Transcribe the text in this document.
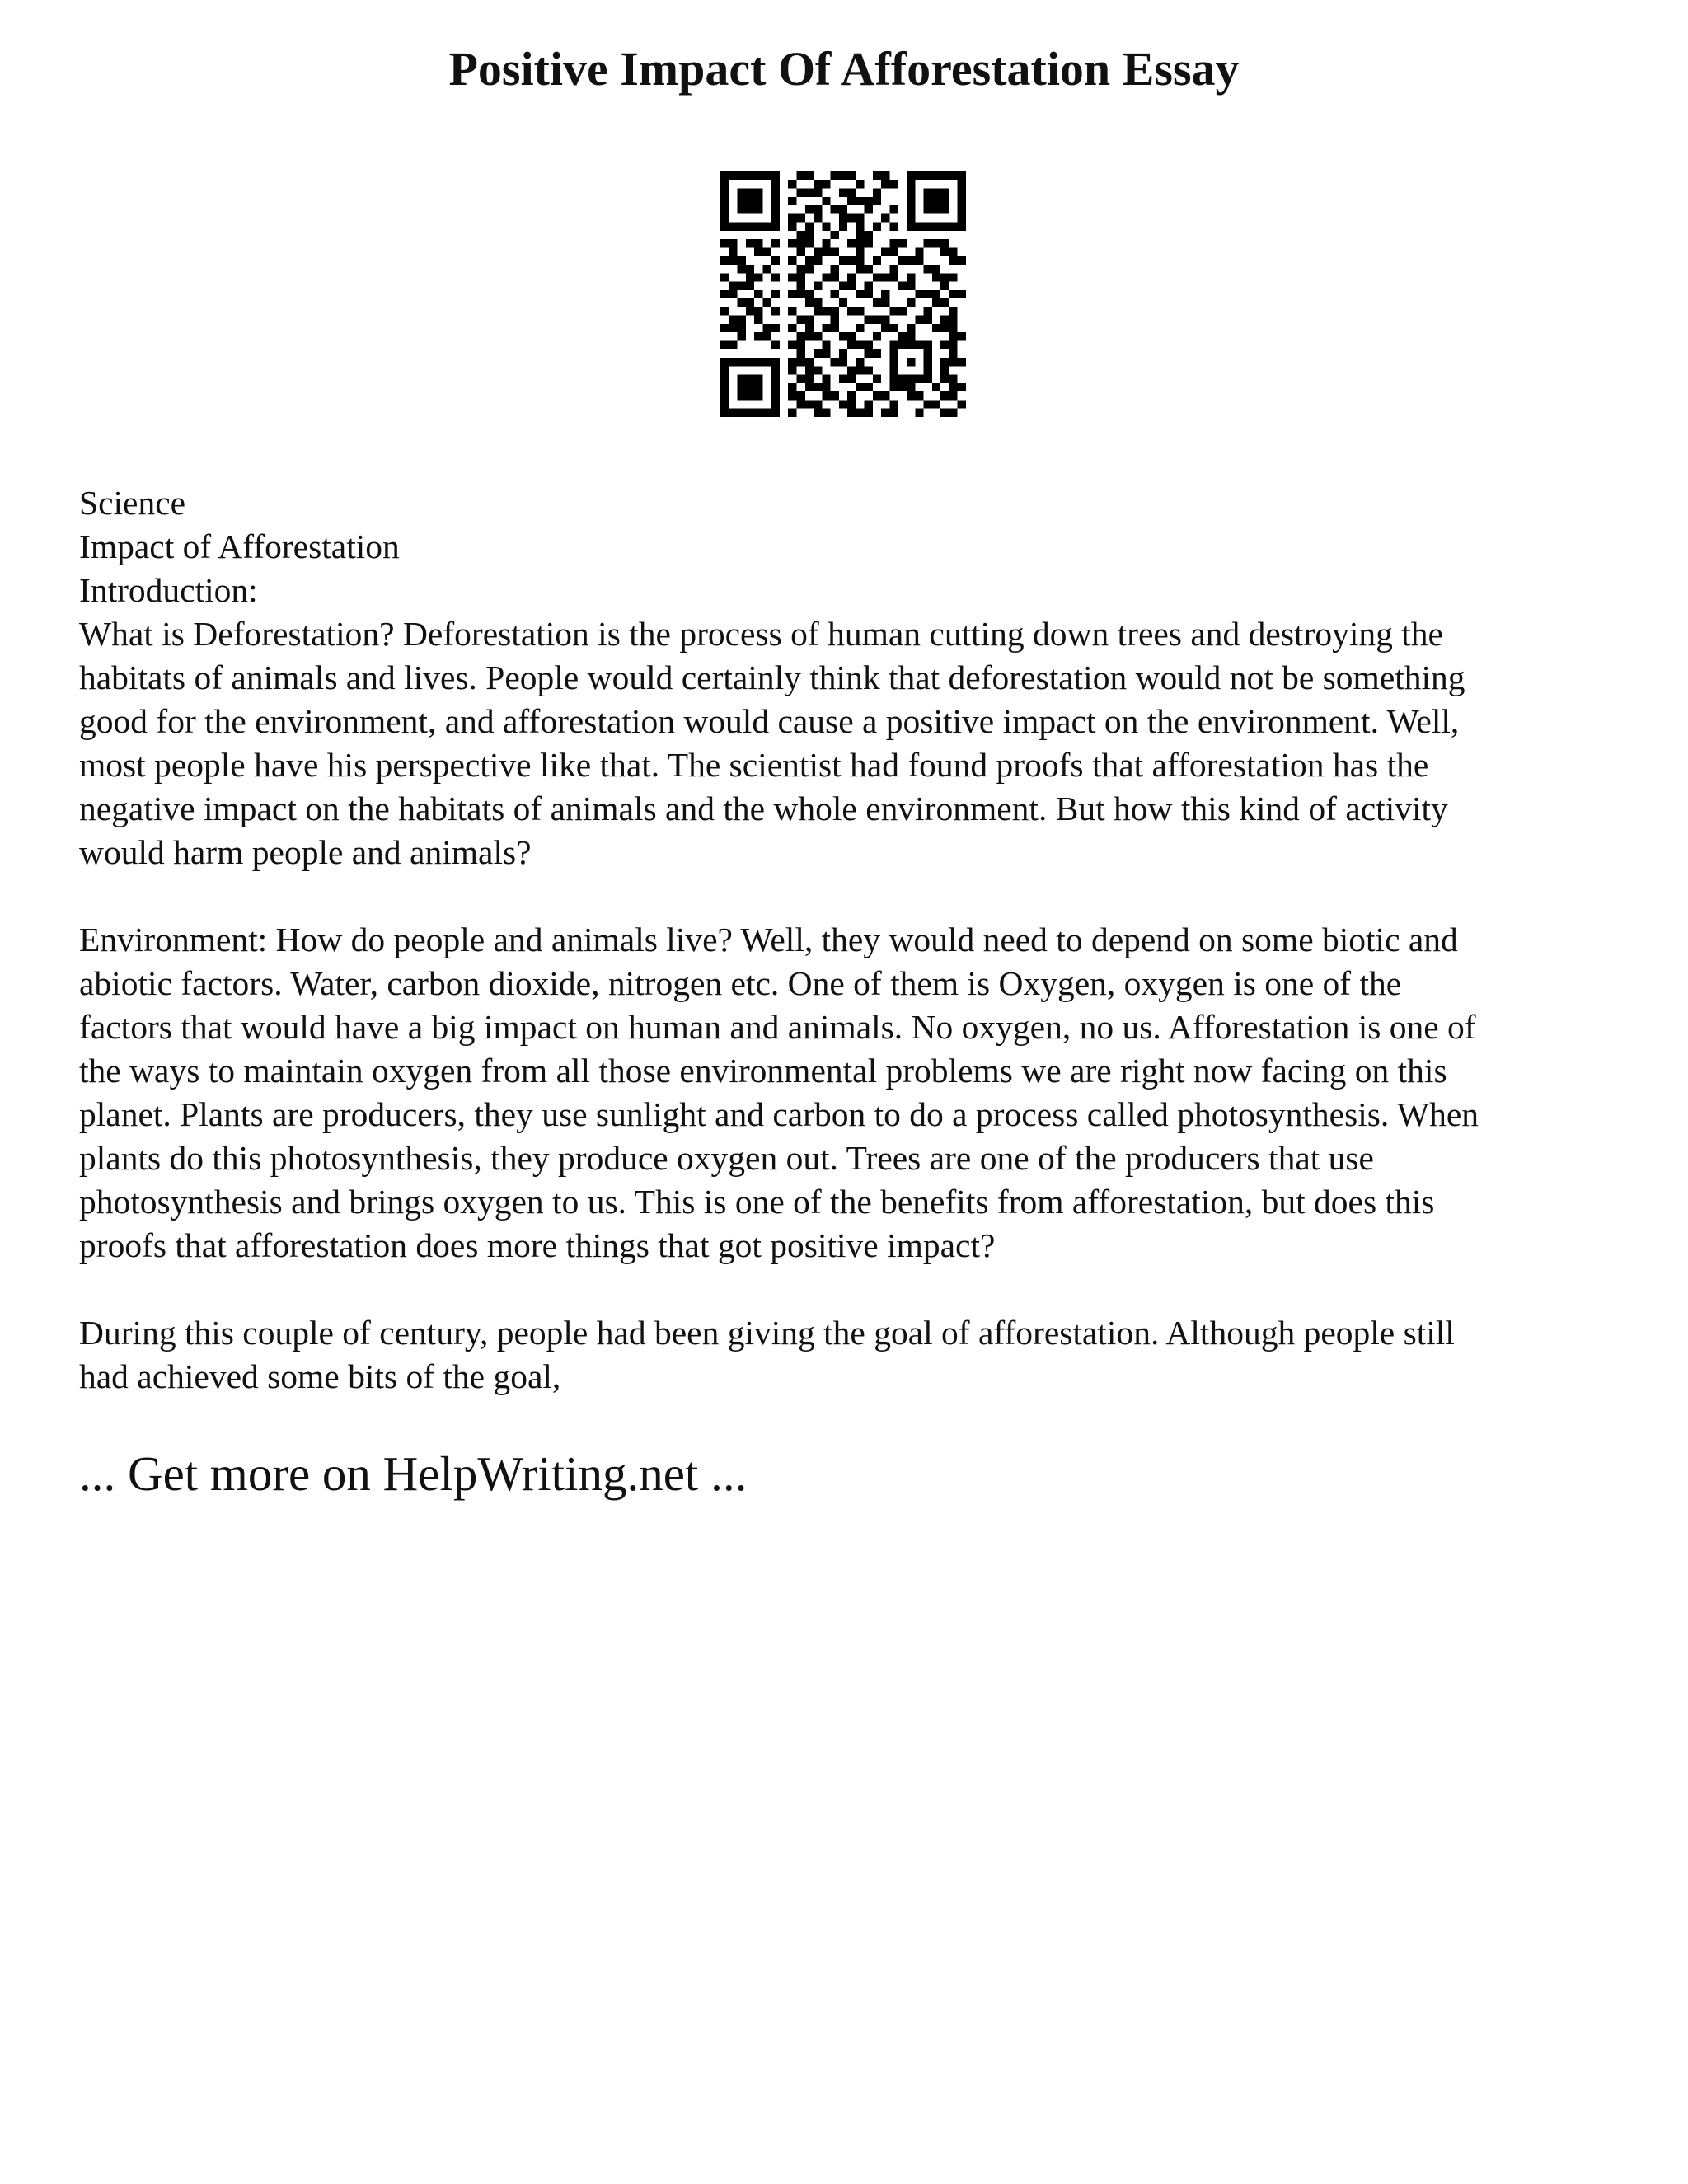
Positive Impact Of Afforestation Essay
Science
Impact of Afforestation
Introduction:
What is Deforestation? Deforestation is the process of human cutting down trees and destroying the
habitats of animals and lives. People would certainly think that deforestation would not be something
good for the environment, and afforestation would cause a positive impact on the environment. Well,
most people have his perspective like that. The scientist had found proofs that afforestation has the
negative impact on the habitats of animals and the whole environment. But how this kind of activity
would harm people and animals?
Environment: How do people and animals live? Well, they would need to depend on some biotic and
abiotic factors. Water, carbon dioxide, nitrogen etc. One of them is Oxygen, oxygen is one of the
factors that would have a big impact on human and animals. No oxygen, no us. Afforestation is one of
the ways to maintain oxygen from all those environmental problems we are right now facing on this
planet. Plants are producers, they use sunlight and carbon to do a process called photosynthesis. When
plants do this photosynthesis, they produce oxygen out. Trees are one of the producers that use
photosynthesis and brings oxygen to us. This is one of the benefits from afforestation, but does this
proofs that afforestation does more things that got positive impact?
During this couple of century, people had been giving the goal of afforestation. Although people still
had achieved some bits of the goal,

... Get more on HelpWriting.net ...
